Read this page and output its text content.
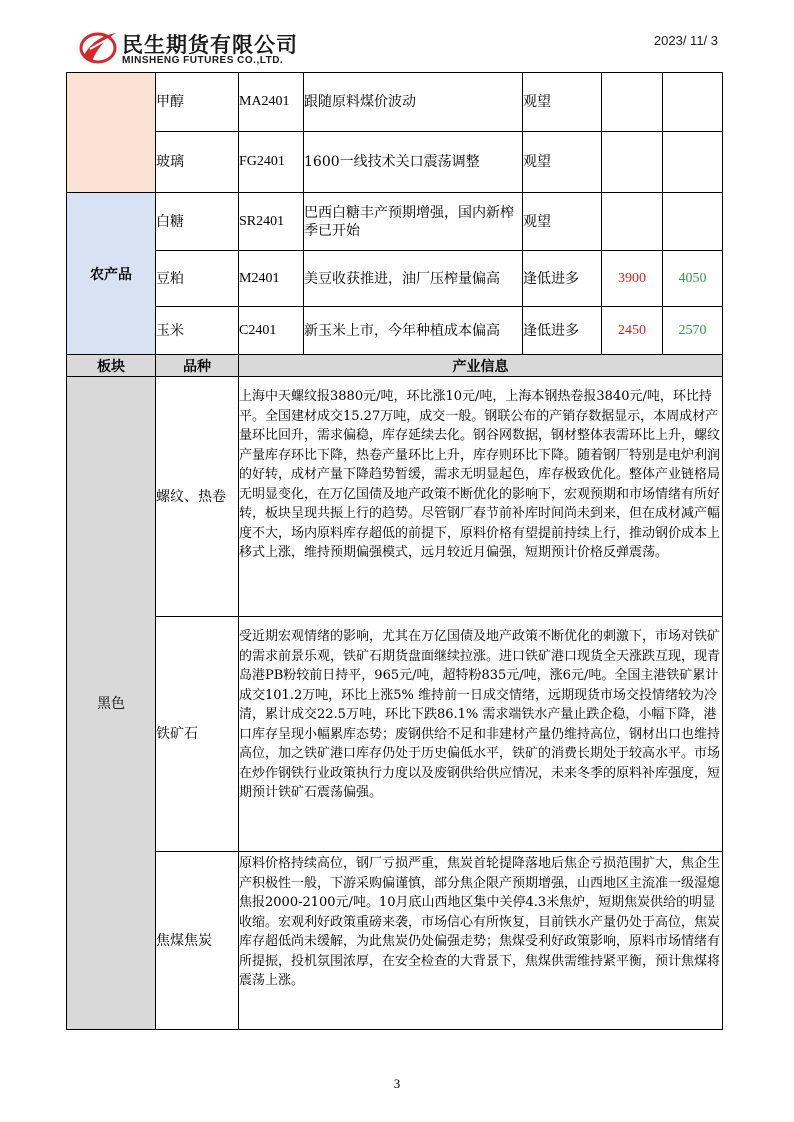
民生期货有限公司
MINSHENG FUTURES CO.,LTD.
2023/ 11/ 3
	甲醇	MA2401	跟随原料煤价波动	观望		
	玻璃	FG2401	1600一线技术关口震荡调整	观望		
农产品	白糖	SR2401	巴西白糖丰产预期增强，国内新榨季已开始	观望		
	豆粕	M2401	美豆收获推进，油厂压榨量偏高	逢低进多	3900	4050
	玉米	C2401	新玉米上市，今年种植成本偏高	逢低进多	2450	2570
板块	品种	产业信息				
黑色	螺纹、热卷	上海中天螺纹报3880元/吨，环比涨10元/吨，上海本钢热卷报3840元/吨，环比持平。全国建材成交15.27万吨，成交一般。钢联公布的产销存数据显示，本周成材产量环比回升，需求偏稳，库存延续去化。钢谷网数据，钢材整体表需环比上升，螺纹产量库存环比下降，热卷产量环比上升，库存则环比下降。随着钢厂特别是电炉利润的好转，成材产量下降趋势暂缓，需求无明显起色，库存极致优化。整体产业链格局无明显变化，在万亿国债及地产政策不断优化的影响下，宏观预期和市场情绪有所好转，板块呈现共振上行的趋势。尽管钢厂春节前补库时间尚未到来，但在成材减产幅度不大，场内原料库存超低的前提下，原料价格有望提前持续上行，推动钢价成本上移式上涨，维持预期偏强模式，远月较近月偏强，短期预计价格反弹震荡。				

	铁矿石	受近期宏观情绪的影响，尤其在万亿国债及地产政策不断优化的刺激下，市场对铁矿的需求前景乐观，铁矿石期货盘面继续拉涨。进口铁矿港口现货全天涨跌互现，现青岛港PB粉较前日持平，965元/吨，超特粉835元/吨，涨6元/吨。全国主港铁矿累计成交101.2万吨，环比上涨5% 维持前一日成交情绪，远期现货市场交投情绪较为冷清，累计成交22.5万吨，环比下跌86.1% 需求端铁水产量止跌企稳，小幅下降，港口库存呈现小幅累库态势；废钢供给不足和非建材产量仍维持高位，钢材出口也维持高位，加之铁矿港口库存仍处于历史偏低水平，铁矿的消费长期处于较高水平。市场在炒作钢铁行业政策执行力度以及废钢供给供应情况，未来冬季的原料补库强度，短期预计铁矿石震荡偏强。				

	焦煤焦炭	原料价格持续高位，钢厂亏损严重，焦炭首轮提降落地后焦企亏损范围扩大，焦企生产积极性一般，下游采购偏谨慎，部分焦企限产预期增强，山西地区主流准一级湿熄焦报2000-2100元/吨。10月底山西地区集中关停4.3米焦炉，短期焦炭供给的明显收缩。宏观利好政策重磅来袭，市场信心有所恢复，目前铁水产量仍处于高位，焦炭库存超低尚未缓解，为此焦炭仍处偏强走势；焦煤受利好政策影响，原料市场情绪有所提振，投机氛围浓厚，在安全检查的大背景下，焦煤供需维持紧平衡，预计焦煤将震荡上涨。				
3
